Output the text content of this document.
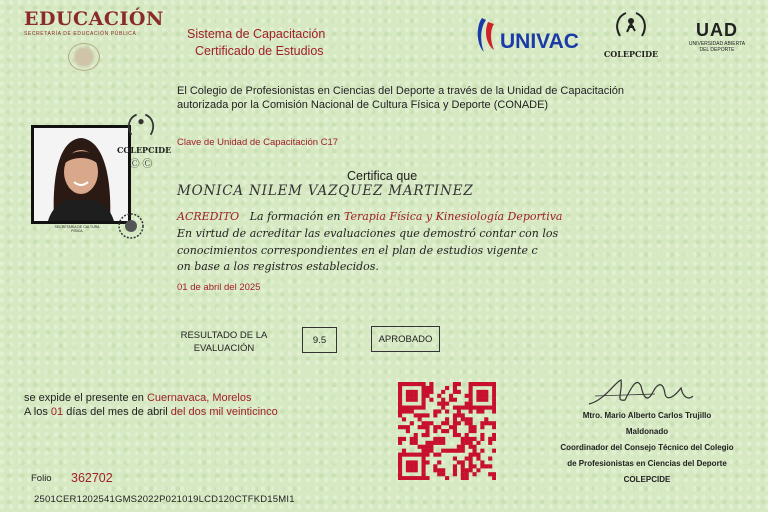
EDUCACIÓN
SECRETARÍA DE EDUCACIÓN PÚBLICA	Sistema de Capacitación
Certificado de Estudios	UNIVAC
COLEPCIDE
UAD
UNIVERSIDAD ABIERTA DEL DEPORTE
El Colegio de Profesionistas en Ciencias del Deporte a través de la Unidad de Capacitación
autorizada por la Comisión Nacional de Cultura Física y Deporte (CONADE)
Clave de Unidad de Capacitación C17
COLEPCIDE
Ⓒ Ⓒ
SECRETARÍA DE CULTURA FÍSICA
Certifica que
MONICA NILEM VAZQUEZ MARTINEZ
ACREDITO La formación en Terapia Física y Kinesiología Deportiva
En virtud de acreditar las evaluaciones que demostró contar con los
conocimientos correspondientes en el plan de estudios vigente c
on base a los registros establecidos.
01 de abril del 2025
RESULTADO DE LA
EVALUACIÓN
9.5	APROBADO
se expide el presente en Cuernavaca, Morelos
A los 01 días del mes de abril del dos mil veinticinco	Mtro. Mario Alberto Carlos Trujillo
Maldonado
Coordinador del Consejo Técnico del Colegio
de Profesionistas en Ciencias del Deporte
COLEPCIDE
Folio 362702
2501CER1202541GMS2022P021019LCD120CTFKD15MI1
